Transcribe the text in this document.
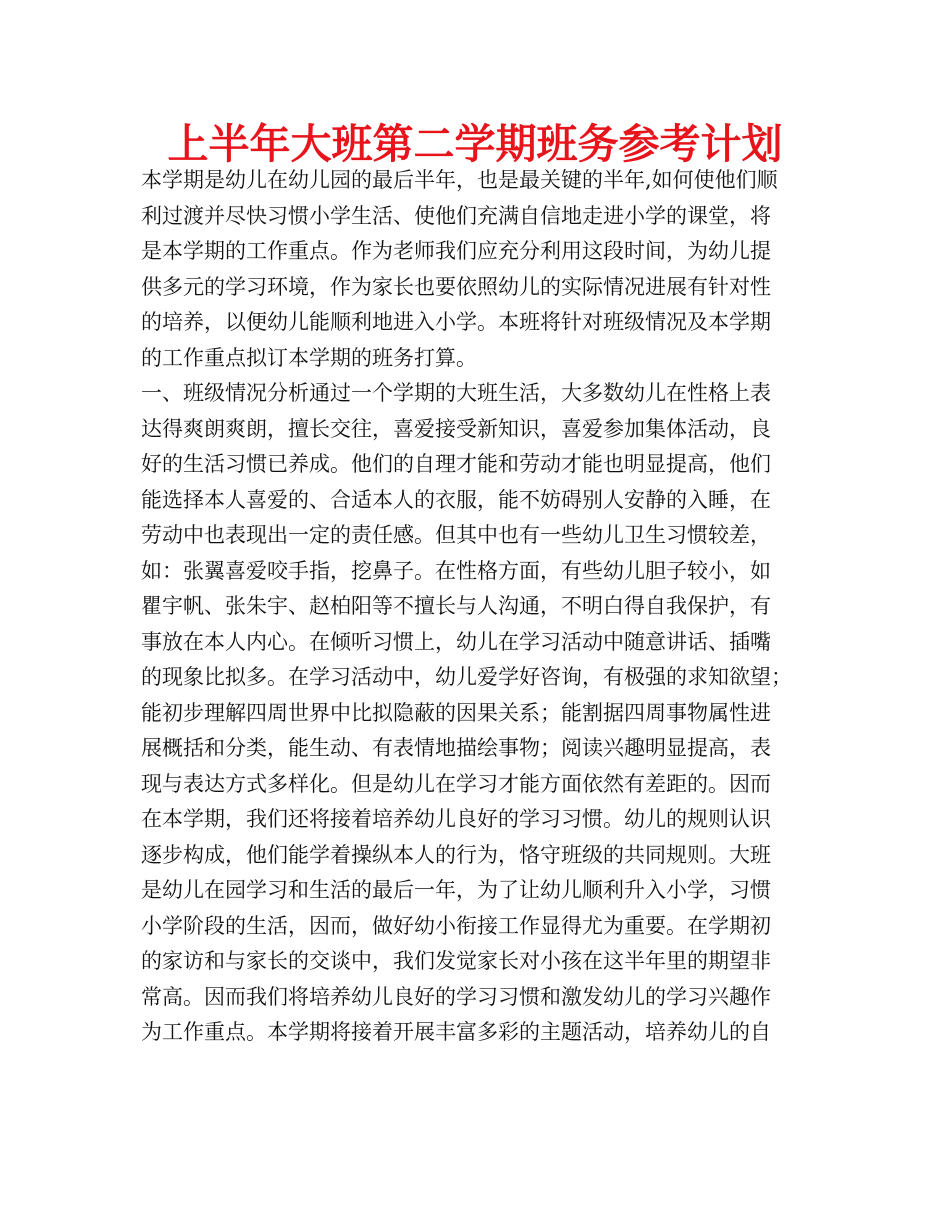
上半年大班第二学期班务参考计划
本学期是幼儿在幼儿园的最后半年，也是最关键的半年,如何使他们顺
利过渡并尽快习惯小学生活、使他们充满自信地走进小学的课堂，将
是本学期的工作重点。作为老师我们应充分利用这段时间，为幼儿提
供多元的学习环境，作为家长也要依照幼儿的实际情况进展有针对性
的培养，以便幼儿能顺利地进入小学。本班将针对班级情况及本学期
的工作重点拟订本学期的班务打算。
一、班级情况分析通过一个学期的大班生活，大多数幼儿在性格上表
达得爽朗爽朗，擅长交往，喜爱接受新知识，喜爱参加集体活动，良
好的生活习惯已养成。他们的自理才能和劳动才能也明显提高，他们
能选择本人喜爱的、合适本人的衣服，能不妨碍别人安静的入睡，在
劳动中也表现出一定的责任感。但其中也有一些幼儿卫生习惯较差，
如：张翼喜爱咬手指，挖鼻子。在性格方面，有些幼儿胆子较小，如
瞿宇帆、张朱宇、赵柏阳等不擅长与人沟通，不明白得自我保护，有
事放在本人内心。在倾听习惯上，幼儿在学习活动中随意讲话、插嘴
的现象比拟多。在学习活动中，幼儿爱学好咨询，有极强的求知欲望；
能初步理解四周世界中比拟隐蔽的因果关系；能割据四周事物属性进
展概括和分类，能生动、有表情地描绘事物；阅读兴趣明显提高，表
现与表达方式多样化。但是幼儿在学习才能方面依然有差距的。因而
在本学期，我们还将接着培养幼儿良好的学习习惯。幼儿的规则认识
逐步构成，他们能学着操纵本人的行为，恪守班级的共同规则。大班
是幼儿在园学习和生活的最后一年，为了让幼儿顺利升入小学，习惯
小学阶段的生活，因而，做好幼小衔接工作显得尤为重要。在学期初
的家访和与家长的交谈中，我们发觉家长对小孩在这半年里的期望非
常高。因而我们将培养幼儿良好的学习习惯和激发幼儿的学习兴趣作
为工作重点。本学期将接着开展丰富多彩的主题活动，培养幼儿的自
